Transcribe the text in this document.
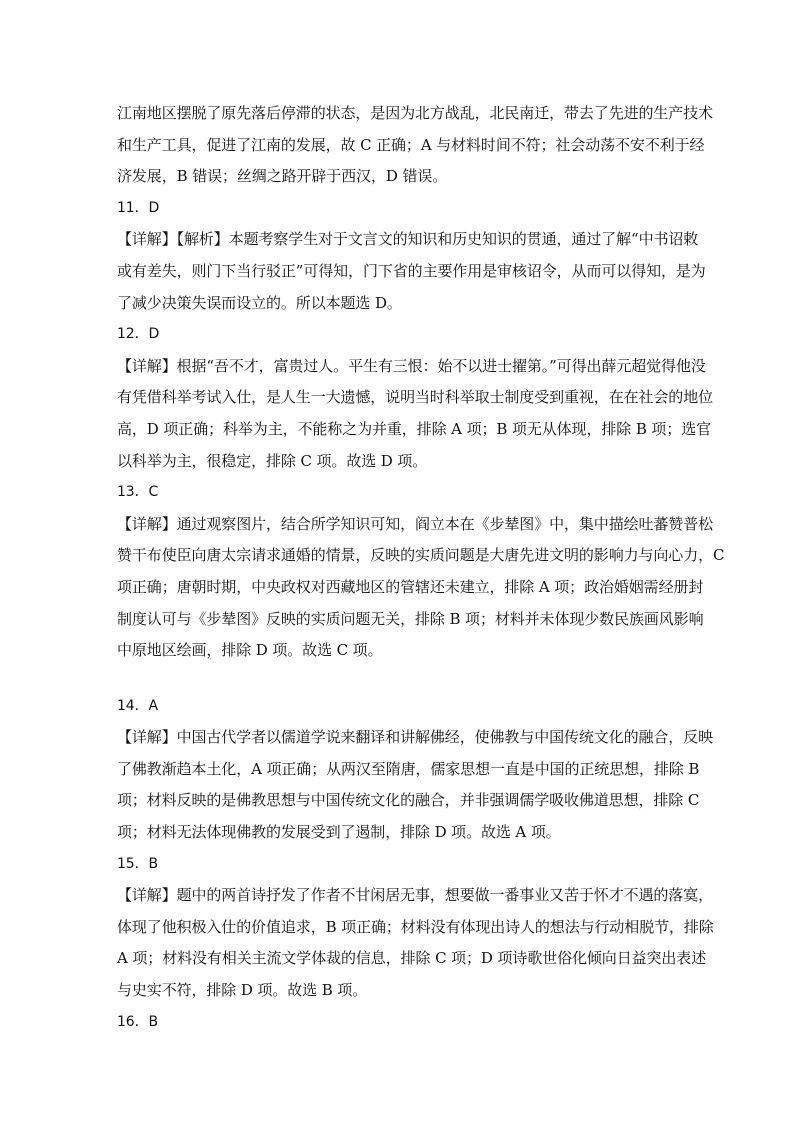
江南地区摆脱了原先落后停滞的状态，是因为北方战乱，北民南迁，带去了先进的生产技术
和生产工具，促进了江南的发展，故 C 正确；A 与材料时间不符；社会动荡不安不利于经
济发展，B 错误；丝绸之路开辟于西汉，D 错误。
11．D
【详解】【解析】本题考察学生对于文言文的知识和历史知识的贯通，通过了解“中书诏敕
或有差失，则门下当行驳正”可得知，门下省的主要作用是审核诏令，从而可以得知，是为
了减少决策失误而设立的。所以本题选 D。
12．D
【详解】根据“吾不才，富贵过人。平生有三恨：始不以进士擢第。”可得出薛元超觉得他没
有凭借科举考试入仕，是人生一大遗憾，说明当时科举取士制度受到重视，在在社会的地位
高，D 项正确；科举为主，不能称之为并重，排除 A 项；B 项无从体现，排除 B 项；选官
以科举为主，很稳定，排除 C 项。故选 D 项。
13．C
【详解】通过观察图片，结合所学知识可知，阎立本在《步辇图》中，集中描绘吐蕃赞普松
赞干布使臣向唐太宗请求通婚的情景，反映的实质问题是大唐先进文明的影响力与向心力，C
项正确；唐朝时期，中央政权对西藏地区的管辖还未建立，排除 A 项；政治婚姻需经册封
制度认可与《步辇图》反映的实质问题无关，排除 B 项；材料并未体现少数民族画风影响
中原地区绘画，排除 D 项。故选 C 项。
14．A
【详解】中国古代学者以儒道学说来翻译和讲解佛经，使佛教与中国传统文化的融合，反映
了佛教渐趋本土化，A 项正确；从两汉至隋唐，儒家思想一直是中国的正统思想，排除 B
项；材料反映的是佛教思想与中国传统文化的融合，并非强调儒学吸收佛道思想，排除 C
项；材料无法体现佛教的发展受到了遏制，排除 D 项。故选 A 项。
15．B
【详解】题中的两首诗抒发了作者不甘闲居无事，想要做一番事业又苦于怀才不遇的落寞，
体现了他积极入仕的价值追求，B 项正确；材料没有体现出诗人的想法与行动相脱节，排除
A 项；材料没有相关主流文学体裁的信息，排除 C 项；D 项诗歌世俗化倾向日益突出表述
与史实不符，排除 D 项。故选 B 项。
16．B
